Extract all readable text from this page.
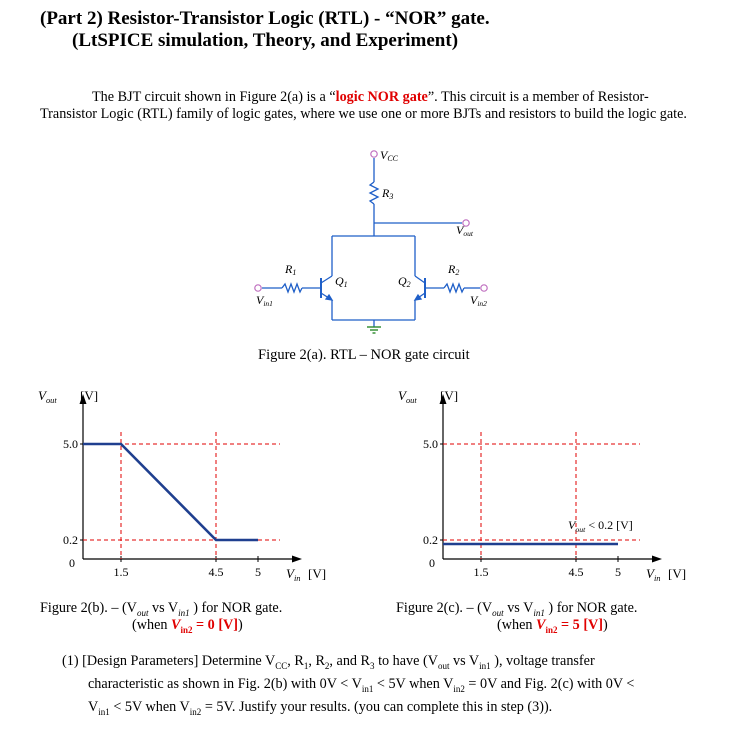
(Part 2) Resistor-Transistor Logic (RTL) - “NOR” gate.
(LtSPICE simulation, Theory, and Experiment)
The BJT circuit shown in Figure 2(a) is a “logic NOR gate”. This circuit is a member of Resistor-Transistor Logic (RTL) family of logic gates, where we use one or more BJTs and resistors to build the logic gate.
VCC
R3
Vout
R1	R2
Q1	Q2
Vin1	Vin2
Figure 2(a). RTL – NOR gate circuit
$V_{out}$ [V]
$V_{in}$ [V]
5.0
0.2
0
1.5	4.5	5
$V_{out}$ [V]
$V_{in}$ [V]
5.0
0.2
0
1.5	4.5	5
$V_{out} < 0.2$ [V]
Figure 2(b). – ($V_{out}$ vs $V_{in1}$ ) for NOR gate.
(when $V_{in2} = 0$ [V])
Figure 2(c). – ($V_{out}$ vs $V_{in1}$ ) for NOR gate.
(when $V_{in2} = 5$ [V])
(1) [Design Parameters] Determine $V_{CC}$, $R_1$, $R_2$, and $R_3$ to have ($V_{out}$ vs $V_{in1}$ ), voltage transfer
characteristic as shown in Fig. 2(b) with $0V < V_{in1} < 5V$ when $V_{in2} = 0V$ and Fig. 2(c) with 0V <
$V_{in1} < 5V$ when $V_{in2} = 5V$. Justify your results. (you can complete this in step (3)).
